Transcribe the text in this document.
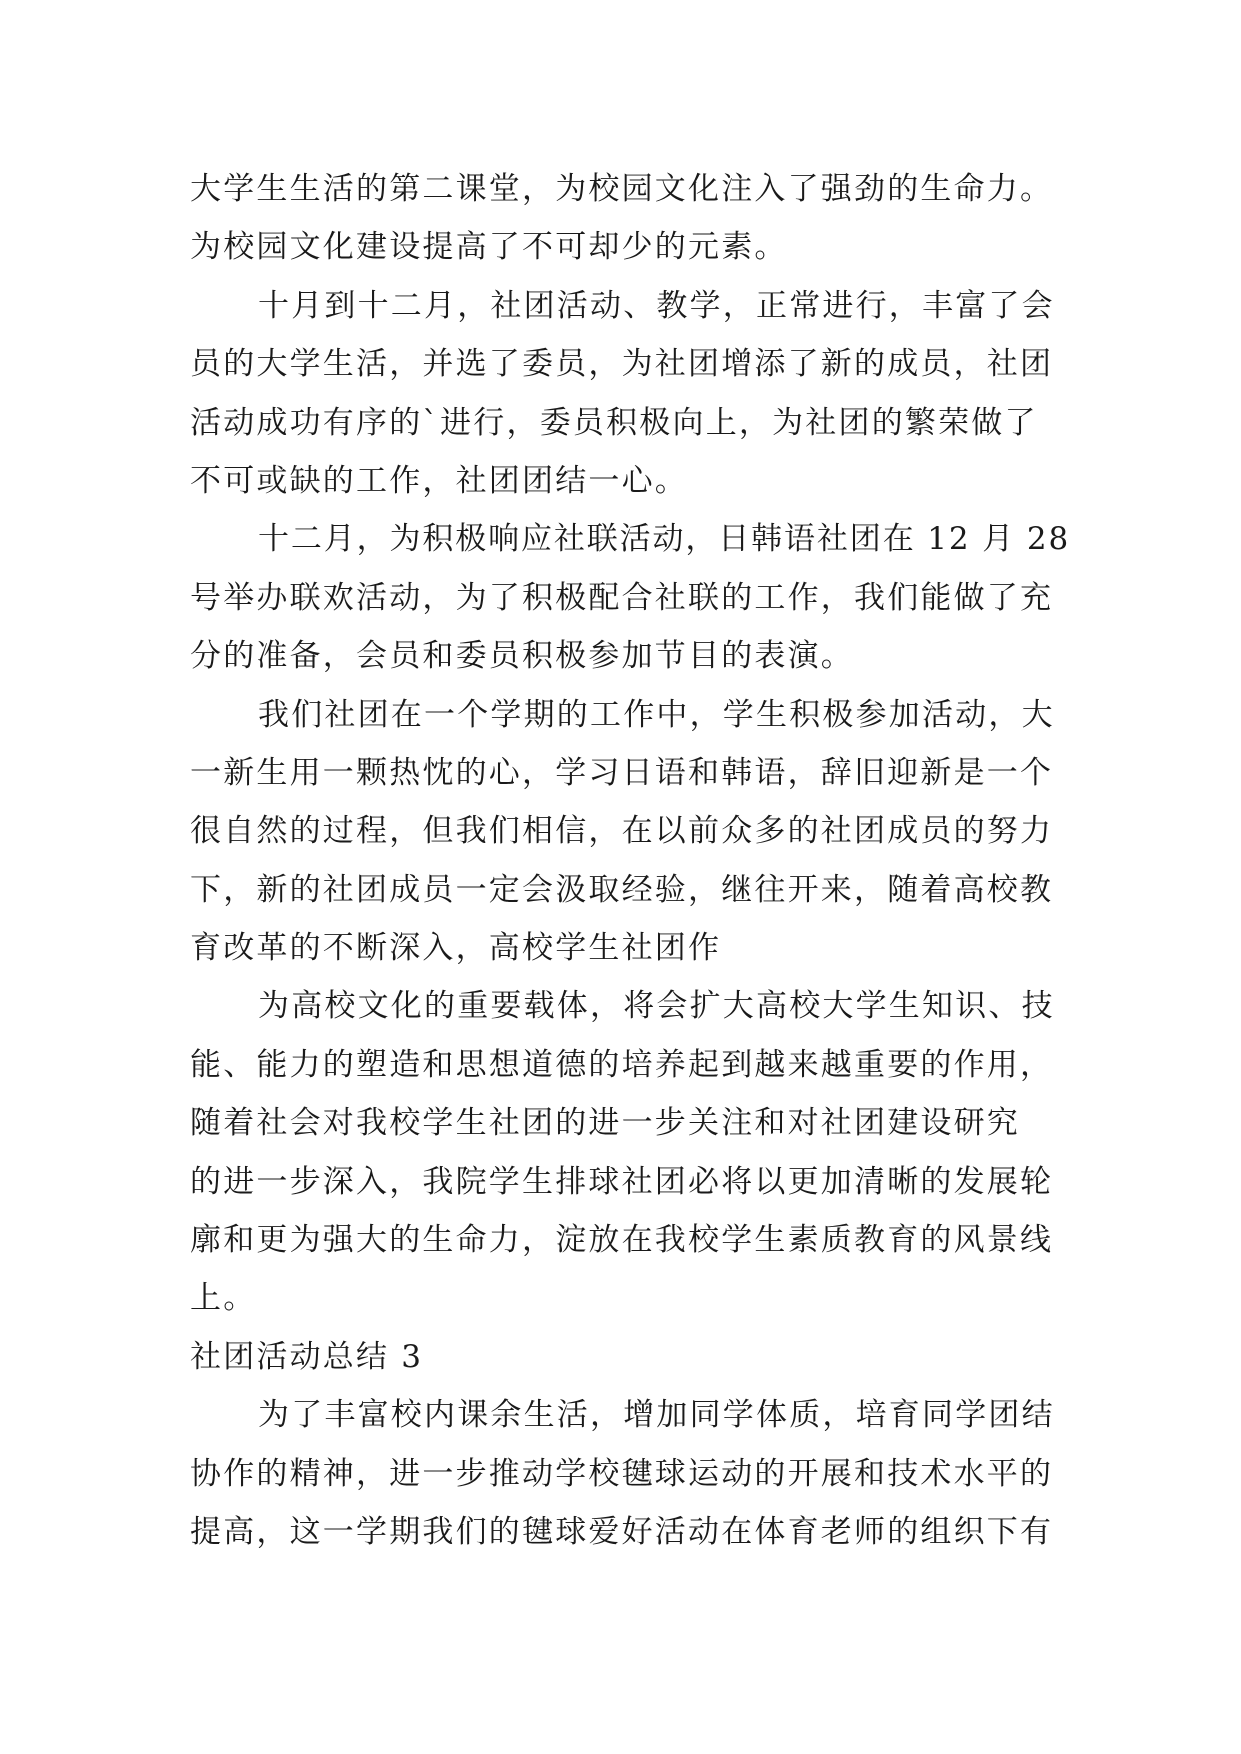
大学生生活的第二课堂，为校园文化注入了强劲的生命力。
为校园文化建设提高了不可却少的元素。
十月到十二月，社团活动、教学，正常进行，丰富了会
员的大学生活，并选了委员，为社团增添了新的成员，社团
活动成功有序的`进行，委员积极向上，为社团的繁荣做了
不可或缺的工作，社团团结一心。
十二月，为积极响应社联活动，日韩语社团在 12 月 28
号举办联欢活动，为了积极配合社联的工作，我们能做了充
分的准备，会员和委员积极参加节目的表演。
我们社团在一个学期的工作中，学生积极参加活动，大
一新生用一颗热忱的心，学习日语和韩语，辞旧迎新是一个
很自然的过程，但我们相信，在以前众多的社团成员的努力
下，新的社团成员一定会汲取经验，继往开来，随着高校教
育改革的不断深入，高校学生社团作
为高校文化的重要载体，将会扩大高校大学生知识、技
能、能力的塑造和思想道德的培养起到越来越重要的作用，
随着社会对我校学生社团的进一步关注和对社团建设研究
的进一步深入，我院学生排球社团必将以更加清晰的发展轮
廓和更为强大的生命力，淀放在我校学生素质教育的风景线
上。
社团活动总结 3
为了丰富校内课余生活，增加同学体质，培育同学团结
协作的精神，进一步推动学校毽球运动的开展和技术水平的
提高，这一学期我们的毽球爱好活动在体育老师的组织下有
